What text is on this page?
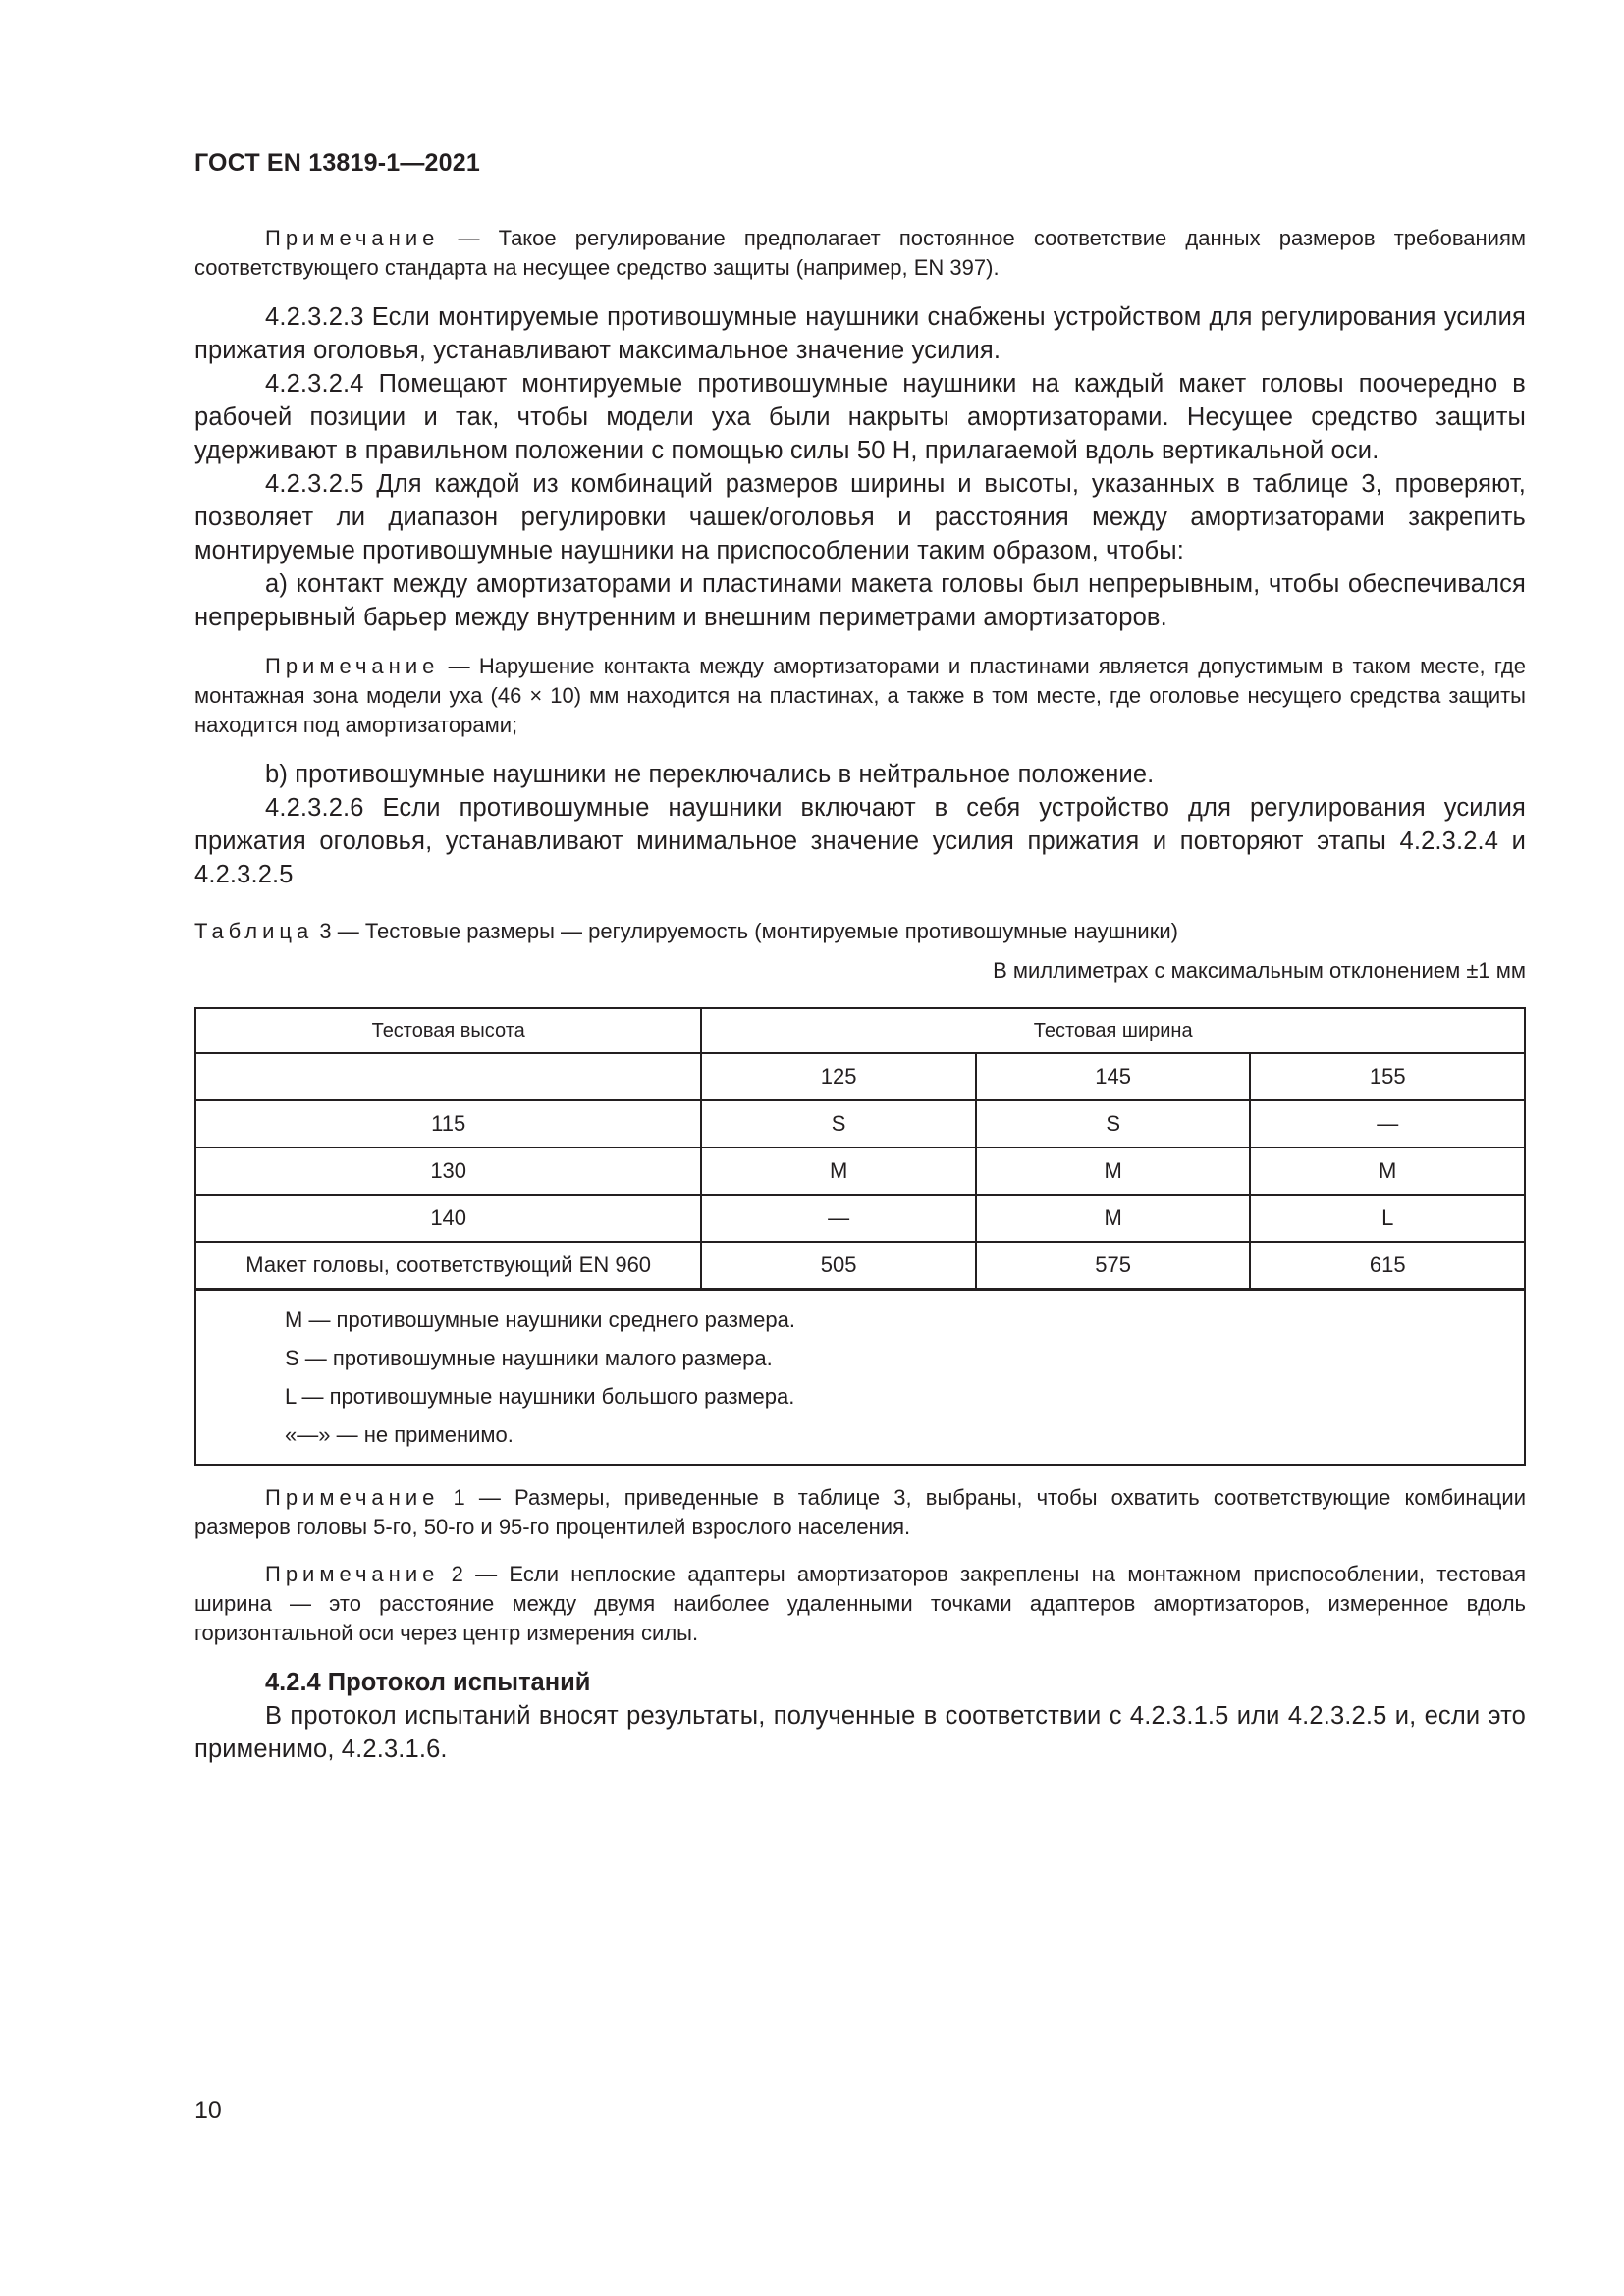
ГОСТ EN 13819-1—2021

Примечание — Такое регулирование предполагает постоянное соответствие данных размеров требованиям соответствующего стандарта на несущее средство защиты (например, EN 397).

4.2.3.2.3 Если монтируемые противошумные наушники снабжены устройством для регулирования усилия прижатия оголовья, устанавливают максимальное значение усилия.

4.2.3.2.4 Помещают монтируемые противошумные наушники на каждый макет головы поочередно в рабочей позиции и так, чтобы модели уха были накрыты амортизаторами. Несущее средство защиты удерживают в правильном положении с помощью силы 50 Н, прилагаемой вдоль вертикальной оси.

4.2.3.2.5 Для каждой из комбинаций размеров ширины и высоты, указанных в таблице 3, проверяют, позволяет ли диапазон регулировки чашек/оголовья и расстояния между амортизаторами закрепить монтируемые противошумные наушники на приспособлении таким образом, чтобы:

а) контакт между амортизаторами и пластинами макета головы был непрерывным, чтобы обеспечивался непрерывный барьер между внутренним и внешним периметрами амортизаторов.

Примечание — Нарушение контакта между амортизаторами и пластинами является допустимым в таком месте, где монтажная зона модели уха (46 × 10) мм находится на пластинах, а также в том месте, где оголовье несущего средства защиты находится под амортизаторами;

b) противошумные наушники не переключались в нейтральное положение.

4.2.3.2.6 Если противошумные наушники включают в себя устройство для регулирования усилия прижатия оголовья, устанавливают минимальное значение усилия прижатия и повторяют этапы 4.2.3.2.4 и 4.2.3.2.5

Таблица 3 — Тестовые размеры — регулируемость (монтируемые противошумные наушники)
В миллиметрах с максимальным отклонением ±1 мм
Тестовая высота	Тестовая ширина		
	125	145	155
115	S	S	—
130	M	M	M
140	—	M	L
Макет головы, соответствующий EN 960	505	575	615

M — противошумные наушники среднего размера.
S — противошумные наушники малого размера.
L — противошумные наушники большого размера.
«—» — не применимо.			

Примечание 1 — Размеры, приведенные в таблице 3, выбраны, чтобы охватить соответствующие комбинации размеров головы 5-го, 50-го и 95-го процентилей взрослого населения.

Примечание 2 — Если неплоские адаптеры амортизаторов закреплены на монтажном приспособлении, тестовая ширина — это расстояние между двумя наиболее удаленными точками адаптеров амортизаторов, измеренное вдоль горизонтальной оси через центр измерения силы.

4.2.4 Протокол испытаний

В протокол испытаний вносят результаты, полученные в соответствии с 4.2.3.1.5 или 4.2.3.2.5 и, если это применимо, 4.2.3.1.6.

10
